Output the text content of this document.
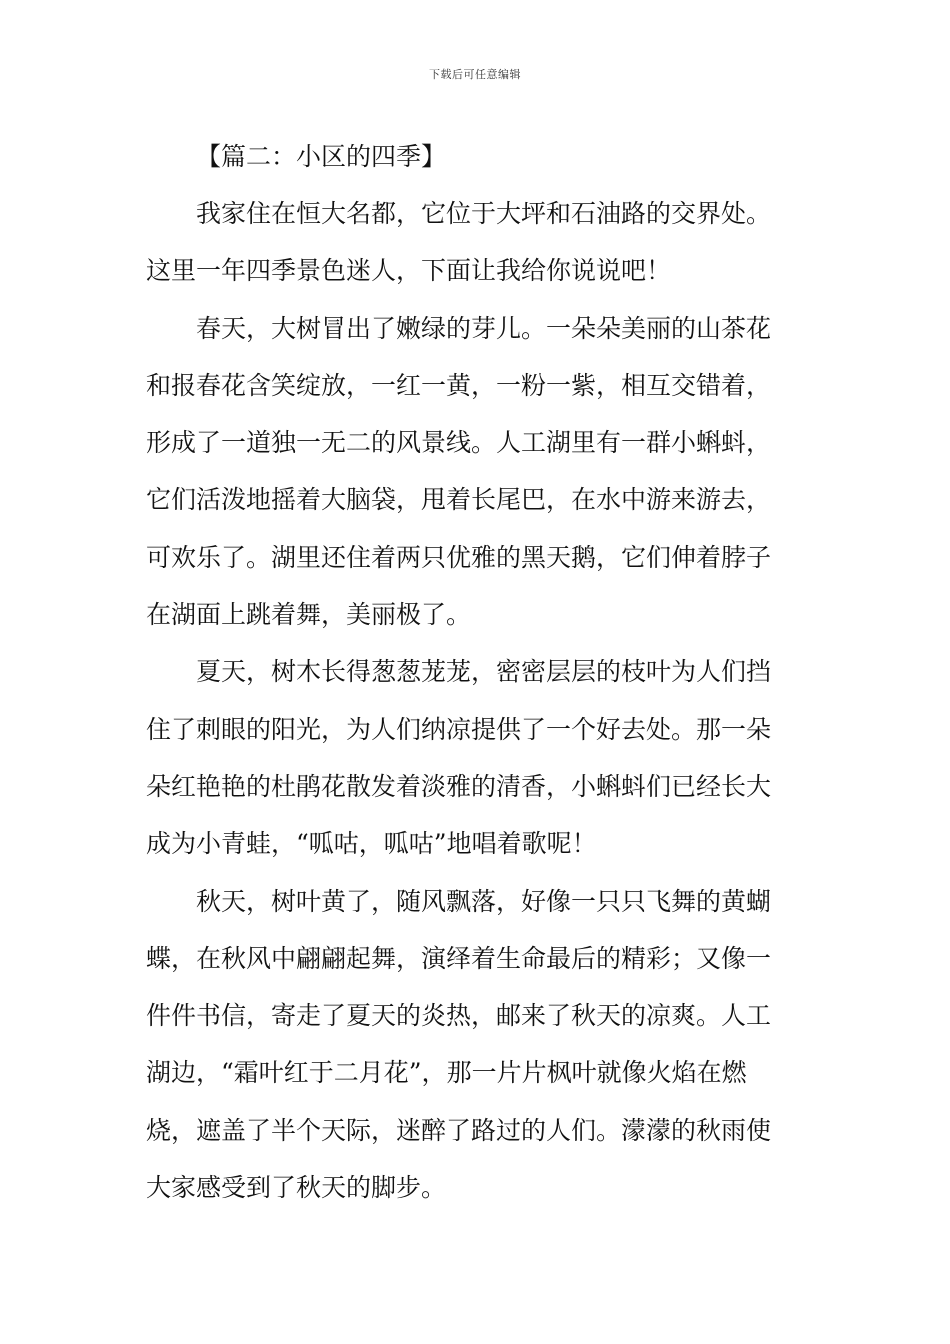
下载后可任意编辑
【篇二：小区的四季】
我家住在恒大名都，它位于大坪和石油路的交界处。
这里一年四季景色迷人，下面让我给你说说吧！
春天，大树冒出了嫩绿的芽儿。一朵朵美丽的山茶花
和报春花含笑绽放，一红一黄，一粉一紫，相互交错着，
形成了一道独一无二的风景线。人工湖里有一群小蝌蚪，
它们活泼地摇着大脑袋，甩着长尾巴，在水中游来游去，
可欢乐了。湖里还住着两只优雅的黑天鹅，它们伸着脖子
在湖面上跳着舞，美丽极了。
夏天，树木长得葱葱茏茏，密密层层的枝叶为人们挡
住了刺眼的阳光，为人们纳凉提供了一个好去处。那一朵
朵红艳艳的杜鹃花散发着淡雅的清香，小蝌蚪们已经长大
成为小青蛙，“呱咕，呱咕”地唱着歌呢！
秋天，树叶黄了，随风飘落，好像一只只飞舞的黄蝴
蝶，在秋风中翩翩起舞，演绎着生命最后的精彩；又像一
件件书信，寄走了夏天的炎热，邮来了秋天的凉爽。人工
湖边，“霜叶红于二月花”，那一片片枫叶就像火焰在燃
烧，遮盖了半个天际，迷醉了路过的人们。濛濛的秋雨使
大家感受到了秋天的脚步。
